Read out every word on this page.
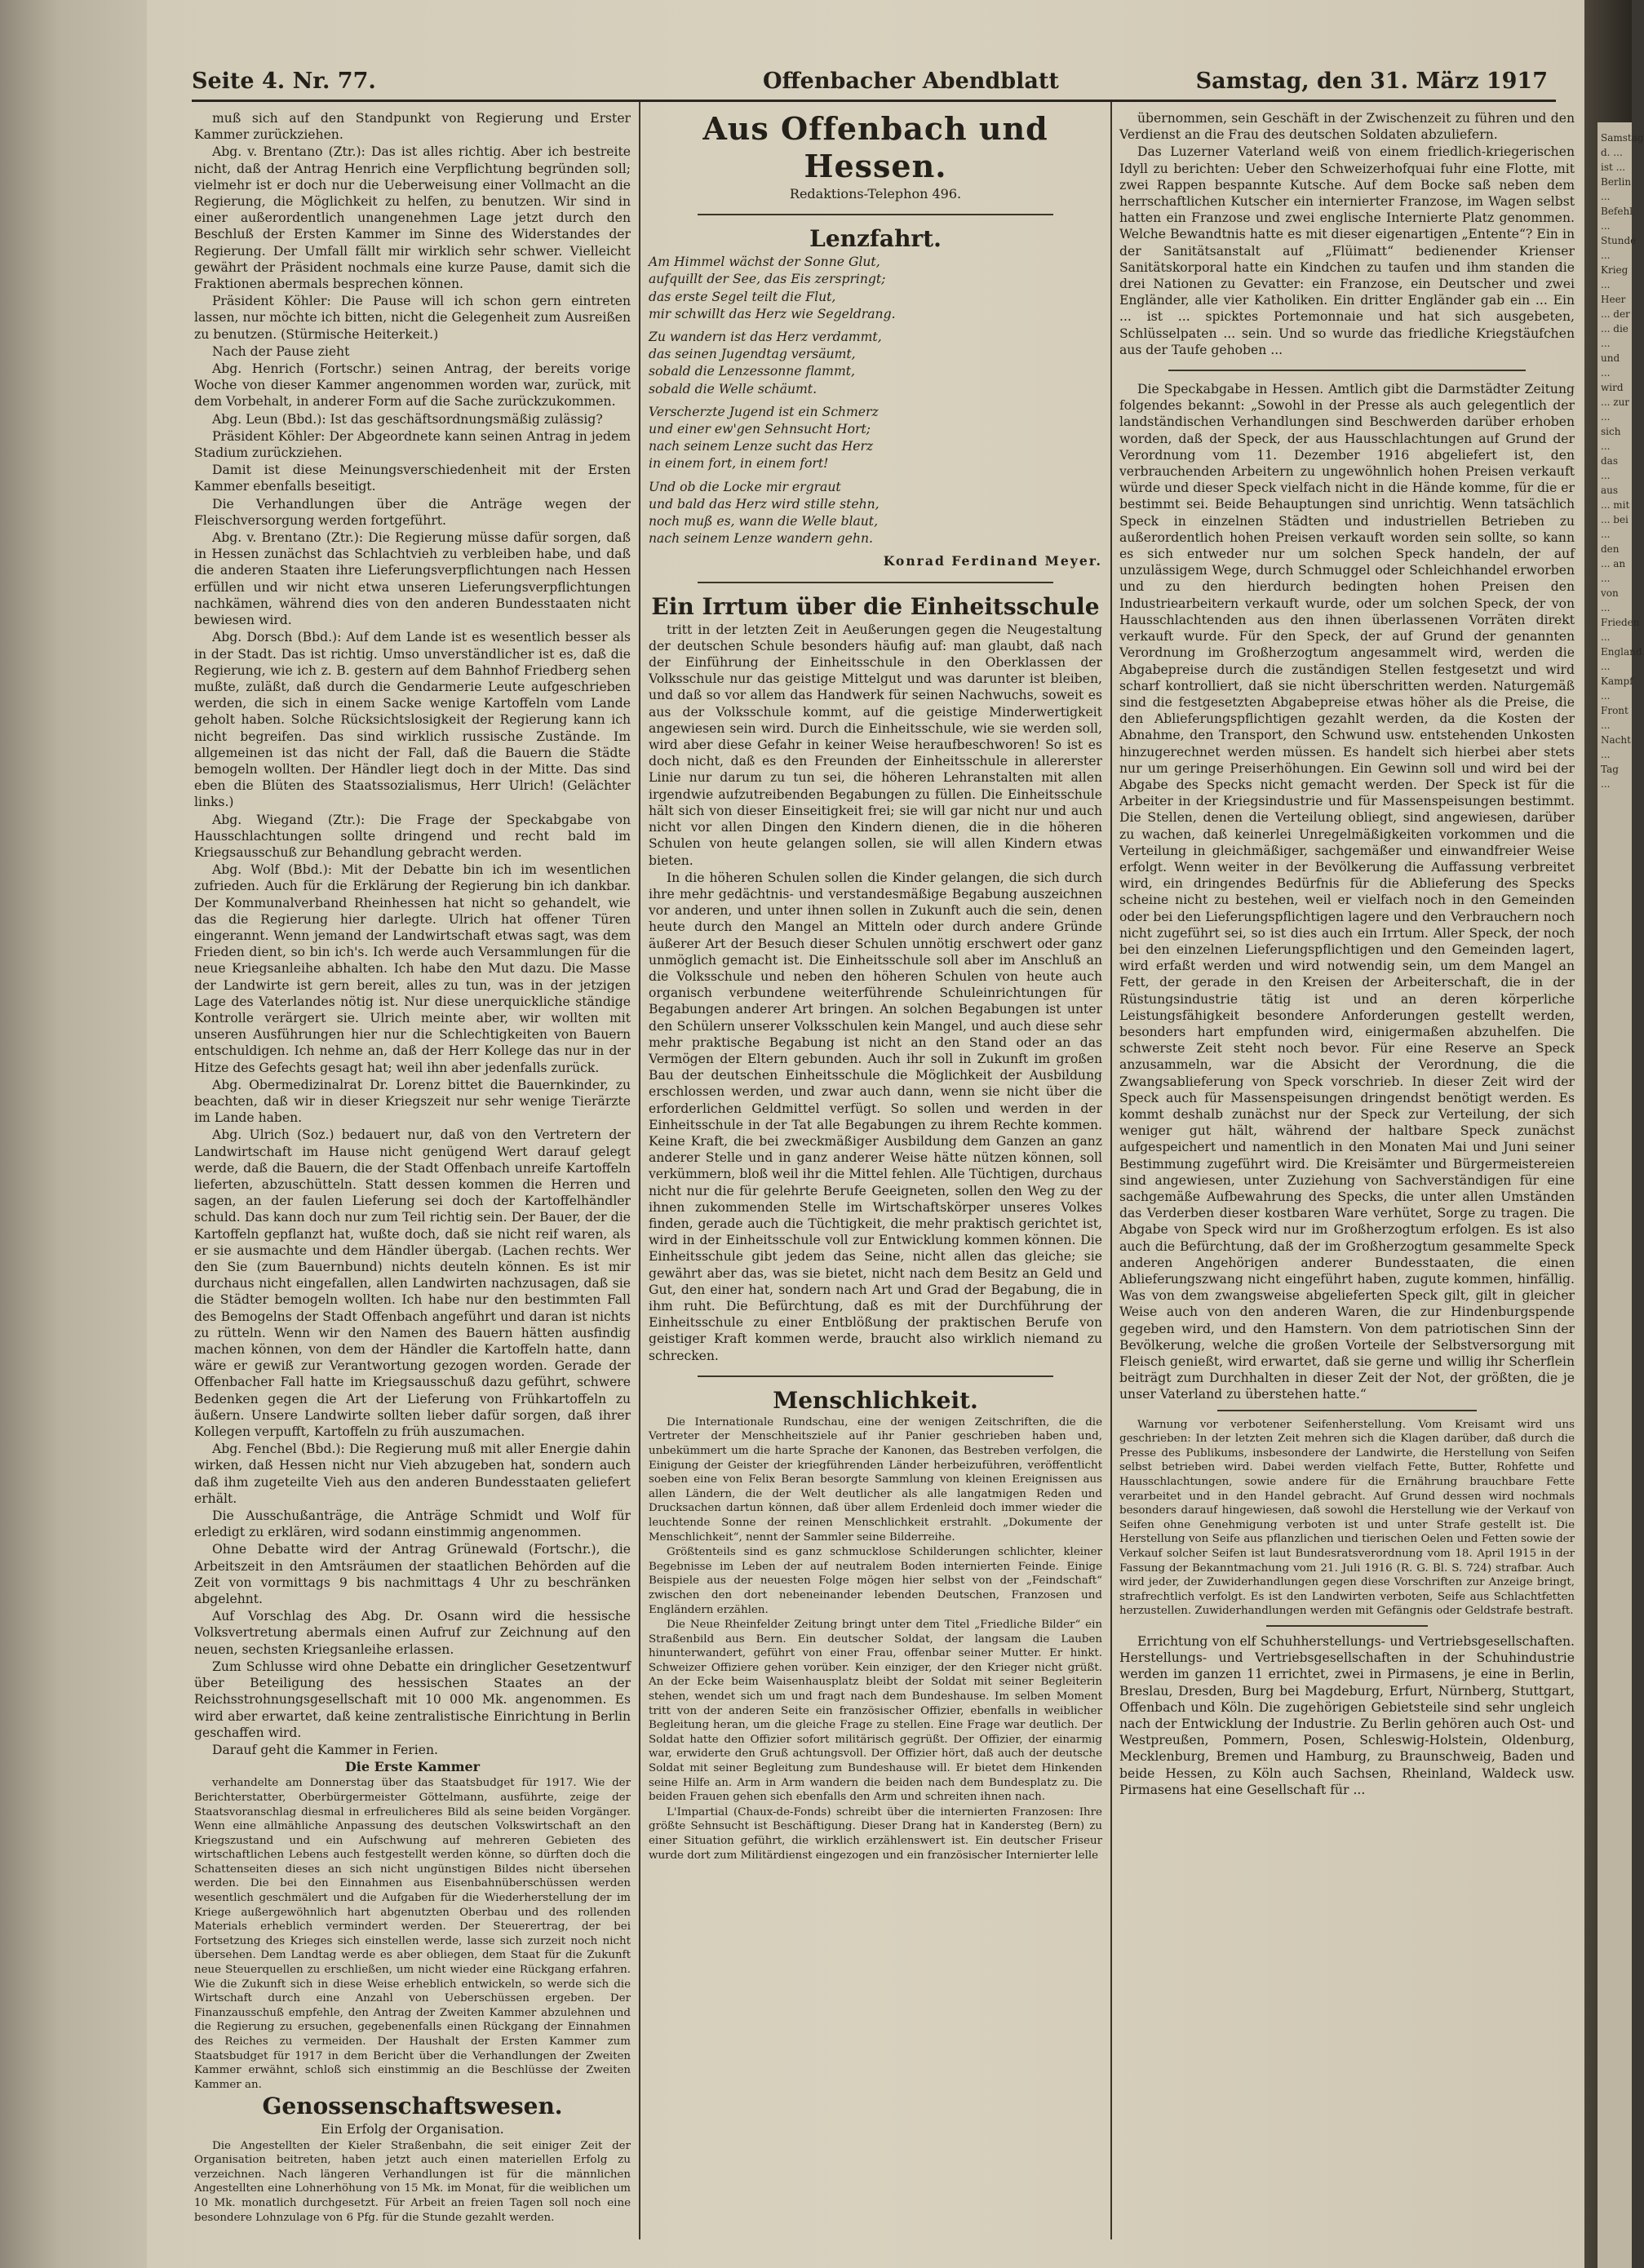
Samstag d. ... ist ... Berlin ... Befehl ... Stunde ... Krieg ... Heer ... der ... die ... und ... wird ... zur ... sich ... das ... aus ... mit ... bei ... den ... an ... von ... Frieden ... England ... Kampf ... Front ... Nacht ... Tag ...
Seite 4. Nr. 77.	Offenbacher Abendblatt	Samstag, den 31. März 1917

muß sich auf den Standpunkt von Regierung und Erster Kammer zurückziehen.

Abg. v. Brentano (Ztr.): Das ist alles richtig. Aber ich bestreite nicht, daß der Antrag Henrich eine Verpflichtung begründen soll; vielmehr ist er doch nur die Ueberweisung einer Vollmacht an die Regierung, die Möglichkeit zu helfen, zu benutzen. Wir sind in einer außerordentlich unangenehmen Lage jetzt durch den Beschluß der Ersten Kammer im Sinne des Widerstandes der Regierung. Der Umfall fällt mir wirklich sehr schwer. Vielleicht gewährt der Präsident nochmals eine kurze Pause, damit sich die Fraktionen abermals besprechen können.

Präsident Köhler: Die Pause will ich schon gern eintreten lassen, nur möchte ich bitten, nicht die Gelegenheit zum Ausreißen zu benutzen. (Stürmische Heiterkeit.)

Nach der Pause zieht

Abg. Henrich (Fortschr.) seinen Antrag, der bereits vorige Woche von dieser Kammer angenommen worden war, zurück, mit dem Vorbehalt, in anderer Form auf die Sache zurückzukommen.

Abg. Leun (Bbd.): Ist das geschäftsordnungsmäßig zulässig?

Präsident Köhler: Der Abgeordnete kann seinen Antrag in jedem Stadium zurückziehen.

Damit ist diese Meinungsverschiedenheit mit der Ersten Kammer ebenfalls beseitigt.

Die Verhandlungen über die Anträge wegen der Fleischversorgung werden fortgeführt.

Abg. v. Brentano (Ztr.): Die Regierung müsse dafür sorgen, daß in Hessen zunächst das Schlachtvieh zu verbleiben habe, und daß die anderen Staaten ihre Lieferungsverpflichtungen nach Hessen erfüllen und wir nicht etwa unseren Lieferungsverpflichtungen nachkämen, während dies von den anderen Bundesstaaten nicht bewiesen wird.

Abg. Dorsch (Bbd.): Auf dem Lande ist es wesentlich besser als in der Stadt. Das ist richtig. Umso unverständlicher ist es, daß die Regierung, wie ich z. B. gestern auf dem Bahnhof Friedberg sehen mußte, zuläßt, daß durch die Gendarmerie Leute aufgeschrieben werden, die sich in einem Sacke wenige Kartoffeln vom Lande geholt haben. Solche Rücksichtslosigkeit der Regierung kann ich nicht begreifen. Das sind wirklich russische Zustände. Im allgemeinen ist das nicht der Fall, daß die Bauern die Städte bemogeln wollten. Der Händler liegt doch in der Mitte. Das sind eben die Blüten des Staatssozialismus, Herr Ulrich! (Gelächter links.)

Abg. Wiegand (Ztr.): Die Frage der Speckabgabe von Hausschlachtungen sollte dringend und recht bald im Kriegsausschuß zur Behandlung gebracht werden.

Abg. Wolf (Bbd.): Mit der Debatte bin ich im wesentlichen zufrieden. Auch für die Erklärung der Regierung bin ich dankbar. Der Kommunalverband Rheinhessen hat nicht so gehandelt, wie das die Regierung hier darlegte. Ulrich hat offener Türen eingerannt. Wenn jemand der Landwirtschaft etwas sagt, was dem Frieden dient, so bin ich's. Ich werde auch Versammlungen für die neue Kriegsanleihe abhalten. Ich habe den Mut dazu. Die Masse der Landwirte ist gern bereit, alles zu tun, was in der jetzigen Lage des Vaterlandes nötig ist. Nur diese unerquickliche ständige Kontrolle verärgert sie. Ulrich meinte aber, wir wollten mit unseren Ausführungen hier nur die Schlechtigkeiten von Bauern entschuldigen. Ich nehme an, daß der Herr Kollege das nur in der Hitze des Gefechts gesagt hat; weil ihn aber jedenfalls zurück.

Abg. Obermedizinalrat Dr. Lorenz bittet die Bauernkinder, zu beachten, daß wir in dieser Kriegszeit nur sehr wenige Tierärzte im Lande haben.

Abg. Ulrich (Soz.) bedauert nur, daß von den Vertretern der Landwirtschaft im Hause nicht genügend Wert darauf gelegt werde, daß die Bauern, die der Stadt Offenbach unreife Kartoffeln lieferten, abzuschütteln. Statt dessen kommen die Herren und sagen, an der faulen Lieferung sei doch der Kartoffelhändler schuld. Das kann doch nur zum Teil richtig sein. Der Bauer, der die Kartoffeln gepflanzt hat, wußte doch, daß sie nicht reif waren, als er sie ausmachte und dem Händler übergab. (Lachen rechts. Wer den Sie (zum Bauernbund) nichts deuteln können. Es ist mir durchaus nicht eingefallen, allen Landwirten nachzusagen, daß sie die Städter bemogeln wollten. Ich habe nur den bestimmten Fall des Bemogelns der Stadt Offenbach angeführt und daran ist nichts zu rütteln. Wenn wir den Namen des Bauern hätten ausfindig machen können, von dem der Händler die Kartoffeln hatte, dann wäre er gewiß zur Verantwortung gezogen worden. Gerade der Offenbacher Fall hatte im Kriegsausschuß dazu geführt, schwere Bedenken gegen die Art der Lieferung von Frühkartoffeln zu äußern. Unsere Landwirte sollten lieber dafür sorgen, daß ihrer Kollegen verpufft, Kartoffeln zu früh auszumachen.

Abg. Fenchel (Bbd.): Die Regierung muß mit aller Energie dahin wirken, daß Hessen nicht nur Vieh abzugeben hat, sondern auch daß ihm zugeteilte Vieh aus den anderen Bundesstaaten geliefert erhält.

Die Ausschußanträge, die Anträge Schmidt und Wolf für erledigt zu erklären, wird sodann einstimmig angenommen.

Ohne Debatte wird der Antrag Grünewald (Fortschr.), die Arbeitszeit in den Amtsräumen der staatlichen Behörden auf die Zeit von vormittags 9 bis nachmittags 4 Uhr zu beschränken abgelehnt.

Auf Vorschlag des Abg. Dr. Osann wird die hessische Volksvertretung abermals einen Aufruf zur Zeichnung auf den neuen, sechsten Kriegsanleihe erlassen.

Zum Schlusse wird ohne Debatte ein dringlicher Gesetzentwurf über Beteiligung des hessischen Staates an der Reichsstrohnungsgesellschaft mit 10 000 Mk. angenommen. Es wird aber erwartet, daß keine zentralistische Einrichtung in Berlin geschaffen wird.

Darauf geht die Kammer in Ferien.

Die Erste Kammer

verhandelte am Donnerstag über das Staatsbudget für 1917. Wie der Berichterstatter, Oberbürgermeister Göttelmann, ausführte, zeige der Staatsvoranschlag diesmal in erfreulicheres Bild als seine beiden Vorgänger. Wenn eine allmähliche Anpassung des deutschen Volkswirtschaft an den Kriegszustand und ein Aufschwung auf mehreren Gebieten des wirtschaftlichen Lebens auch festgestellt werden könne, so dürften doch die Schattenseiten dieses an sich nicht ungünstigen Bildes nicht übersehen werden. Die bei den Einnahmen aus Eisenbahnüberschüssen werden wesentlich geschmälert und die Aufgaben für die Wiederherstellung der im Kriege außergewöhnlich hart abgenutzten Oberbau und des rollenden Materials erheblich vermindert werden. Der Steuerertrag, der bei Fortsetzung des Krieges sich einstellen werde, lasse sich zurzeit noch nicht übersehen. Dem Landtag werde es aber obliegen, dem Staat für die Zukunft neue Steuerquellen zu erschließen, um nicht wieder eine Rückgang erfahren. Wie die Zukunft sich in diese Weise erheblich entwickeln, so werde sich die Wirtschaft durch eine Anzahl von Ueberschüssen ergeben. Der Finanzausschuß empfehle, den Antrag der Zweiten Kammer abzulehnen und die Regierung zu ersuchen, gegebenenfalls einen Rückgang der Einnahmen des Reiches zu vermeiden. Der Haushalt der Ersten Kammer zum Staatsbudget für 1917 in dem Bericht über die Verhandlungen der Zweiten Kammer erwähnt, schloß sich einstimmig an die Beschlüsse der Zweiten Kammer an.

Genossenschaftswesen.

Ein Erfolg der Organisation.

Die Angestellten der Kieler Straßenbahn, die seit einiger Zeit der Organisation beitreten, haben jetzt auch einen materiellen Erfolg zu verzeichnen. Nach längeren Verhandlungen ist für die männlichen Angestellten eine Lohnerhöhung von 15 Mk. im Monat, für die weiblichen um 10 Mk. monatlich durchgesetzt. Für Arbeit an freien Tagen soll noch eine besondere Lohnzulage von 6 Pfg. für die Stunde gezahlt werden.

Aus Offenbach und Hessen.

Redaktions-Telephon 496.

Lenzfahrt.

Am Himmel wächst der Sonne Glut,

aufquillt der See, das Eis zerspringt;

das erste Segel teilt die Flut,

mir schwillt das Herz wie Segeldrang.

Zu wandern ist das Herz verdammt,

das seinen Jugendtag versäumt,

sobald die Lenzessonne flammt,

sobald die Welle schäumt.

Verscherzte Jugend ist ein Schmerz

und einer ew'gen Sehnsucht Hort;

nach seinem Lenze sucht das Herz

in einem fort, in einem fort!

Und ob die Locke mir ergraut

und bald das Herz wird stille stehn,

noch muß es, wann die Welle blaut,

nach seinem Lenze wandern gehn.

Konrad Ferdinand Meyer.

Ein Irrtum über die Einheitsschule

tritt in der letzten Zeit in Aeußerungen gegen die Neugestaltung der deutschen Schule besonders häufig auf: man glaubt, daß nach der Einführung der Einheitsschule in den Oberklassen der Volksschule nur das geistige Mittelgut und was darunter ist bleiben, und daß so vor allem das Handwerk für seinen Nachwuchs, soweit es aus der Volksschule kommt, auf die geistige Minderwertigkeit angewiesen sein wird. Durch die Einheitsschule, wie sie werden soll, wird aber diese Gefahr in keiner Weise heraufbeschworen! So ist es doch nicht, daß es den Freunden der Einheitsschule in allererster Linie nur darum zu tun sei, die höheren Lehranstalten mit allen irgendwie aufzutreibenden Begabungen zu füllen. Die Einheitsschule hält sich von dieser Einseitigkeit frei; sie will gar nicht nur und auch nicht vor allen Dingen den Kindern dienen, die in die höheren Schulen von heute gelangen sollen, sie will allen Kindern etwas bieten.

In die höheren Schulen sollen die Kinder gelangen, die sich durch ihre mehr gedächtnis- und verstandesmäßige Begabung auszeichnen vor anderen, und unter ihnen sollen in Zukunft auch die sein, denen heute durch den Mangel an Mitteln oder durch andere Gründe äußerer Art der Besuch dieser Schulen unnötig erschwert oder ganz unmöglich gemacht ist. Die Einheitsschule soll aber im Anschluß an die Volksschule und neben den höheren Schulen von heute auch organisch verbundene weiterführende Schuleinrichtungen für Begabungen anderer Art bringen. An solchen Begabungen ist unter den Schülern unserer Volksschulen kein Mangel, und auch diese sehr mehr praktische Begabung ist nicht an den Stand oder an das Vermögen der Eltern gebunden. Auch ihr soll in Zukunft im großen Bau der deutschen Einheitsschule die Möglichkeit der Ausbildung erschlossen werden, und zwar auch dann, wenn sie nicht über die erforderlichen Geldmittel verfügt. So sollen und werden in der Einheitsschule in der Tat alle Begabungen zu ihrem Rechte kommen. Keine Kraft, die bei zweckmäßiger Ausbildung dem Ganzen an ganz anderer Stelle und in ganz anderer Weise hätte nützen können, soll verkümmern, bloß weil ihr die Mittel fehlen. Alle Tüchtigen, durchaus nicht nur die für gelehrte Berufe Geeigneten, sollen den Weg zu der ihnen zukommenden Stelle im Wirtschaftskörper unseres Volkes finden, gerade auch die Tüchtigkeit, die mehr praktisch gerichtet ist, wird in der Einheitsschule voll zur Entwicklung kommen können. Die Einheitsschule gibt jedem das Seine, nicht allen das gleiche; sie gewährt aber das, was sie bietet, nicht nach dem Besitz an Geld und Gut, den einer hat, sondern nach Art und Grad der Begabung, die in ihm ruht. Die Befürchtung, daß es mit der Durchführung der Einheitsschule zu einer Entblößung der praktischen Berufe von geistiger Kraft kommen werde, braucht also wirklich niemand zu schrecken.

Menschlichkeit.

Die Internationale Rundschau, eine der wenigen Zeitschriften, die die Vertreter der Menschheitsziele auf ihr Panier geschrieben haben und, unbekümmert um die harte Sprache der Kanonen, das Bestreben verfolgen, die Einigung der Geister der kriegführenden Länder herbeizuführen, veröffentlicht soeben eine von Felix Beran besorgte Sammlung von kleinen Ereignissen aus allen Ländern, die der Welt deutlicher als alle langatmigen Reden und Drucksachen dartun können, daß über allem Erdenleid doch immer wieder die leuchtende Sonne der reinen Menschlichkeit erstrahlt. „Dokumente der Menschlichkeit“, nennt der Sammler seine Bilderreihe.

Größtenteils sind es ganz schmucklose Schilderungen schlichter, kleiner Begebnisse im Leben der auf neutralem Boden internierten Feinde. Einige Beispiele aus der neuesten Folge mögen hier selbst von der „Feindschaft“ zwischen den dort nebeneinander lebenden Deutschen, Franzosen und Engländern erzählen.

Die Neue Rheinfelder Zeitung bringt unter dem Titel „Friedliche Bilder“ ein Straßenbild aus Bern. Ein deutscher Soldat, der langsam die Lauben hinunterwandert, geführt von einer Frau, offenbar seiner Mutter. Er hinkt. Schweizer Offiziere gehen vorüber. Kein einziger, der den Krieger nicht grüßt. An der Ecke beim Waisenhausplatz bleibt der Soldat mit seiner Begleiterin stehen, wendet sich um und fragt nach dem Bundeshause. Im selben Moment tritt von der anderen Seite ein französischer Offizier, ebenfalls in weiblicher Begleitung heran, um die gleiche Frage zu stellen. Eine Frage war deutlich. Der Soldat hatte den Offizier sofort militärisch gegrüßt. Der Offizier, der einarmig war, erwiderte den Gruß achtungsvoll. Der Offizier hört, daß auch der deutsche Soldat mit seiner Begleitung zum Bundeshause will. Er bietet dem Hinkenden seine Hilfe an. Arm in Arm wandern die beiden nach dem Bundesplatz zu. Die beiden Frauen gehen sich ebenfalls den Arm und schreiten ihnen nach.

L'Impartial (Chaux-de-Fonds) schreibt über die internierten Franzosen: Ihre größte Sehnsucht ist Beschäftigung. Dieser Drang hat in Kandersteg (Bern) zu einer Situation geführt, die wirklich erzählenswert ist. Ein deutscher Friseur wurde dort zum Militärdienst eingezogen und ein französischer Internierter lelle

übernommen, sein Geschäft in der Zwischenzeit zu führen und den Verdienst an die Frau des deutschen Soldaten abzuliefern.

Das Luzerner Vaterland weiß von einem friedlich-kriegerischen Idyll zu berichten: Ueber den Schweizerhofquai fuhr eine Flotte, mit zwei Rappen bespannte Kutsche. Auf dem Bocke saß neben dem herrschaftlichen Kutscher ein internierter Franzose, im Wagen selbst hatten ein Franzose und zwei englische Internierte Platz genommen. Welche Bewandtnis hatte es mit dieser eigenartigen „Entente“? Ein in der Sanitätsanstalt auf „Flüimatt“ bedienender Krienser Sanitätskorporal hatte ein Kindchen zu taufen und ihm standen die drei Nationen zu Gevatter: ein Franzose, ein Deutscher und zwei Engländer, alle vier Katholiken. Ein dritter Engländer gab ein ... Ein ... ist ... spicktes Portemonnaie und hat sich ausgebeten, Schlüsselpaten ... sein. Und so wurde das friedliche Kriegstäufchen aus der Taufe gehoben ...

Die Speckabgabe in Hessen. Amtlich gibt die Darmstädter Zeitung folgendes bekannt: „Sowohl in der Presse als auch gelegentlich der landständischen Verhandlungen sind Beschwerden darüber erhoben worden, daß der Speck, der aus Hausschlachtungen auf Grund der Verordnung vom 11. Dezember 1916 abgeliefert ist, den verbrauchenden Arbeitern zu ungewöhnlich hohen Preisen verkauft würde und dieser Speck vielfach nicht in die Hände komme, für die er bestimmt sei. Beide Behauptungen sind unrichtig. Wenn tatsächlich Speck in einzelnen Städten und industriellen Betrieben zu außerordentlich hohen Preisen verkauft worden sein sollte, so kann es sich entweder nur um solchen Speck handeln, der auf unzulässigem Wege, durch Schmuggel oder Schleichhandel erworben und zu den hierdurch bedingten hohen Preisen den Industriearbeitern verkauft wurde, oder um solchen Speck, der von Hausschlachtenden aus den ihnen überlassenen Vorräten direkt verkauft wurde. Für den Speck, der auf Grund der genannten Verordnung im Großherzogtum angesammelt wird, werden die Abgabepreise durch die zuständigen Stellen festgesetzt und wird scharf kontrolliert, daß sie nicht überschritten werden. Naturgemäß sind die festgesetzten Abgabepreise etwas höher als die Preise, die den Ablieferungspflichtigen gezahlt werden, da die Kosten der Abnahme, den Transport, den Schwund usw. entstehenden Unkosten hinzugerechnet werden müssen. Es handelt sich hierbei aber stets nur um geringe Preiserhöhungen. Ein Gewinn soll und wird bei der Abgabe des Specks nicht gemacht werden. Der Speck ist für die Arbeiter in der Kriegsindustrie und für Massenspeisungen bestimmt. Die Stellen, denen die Verteilung obliegt, sind angewiesen, darüber zu wachen, daß keinerlei Unregelmäßigkeiten vorkommen und die Verteilung in gleichmäßiger, sachgemäßer und einwandfreier Weise erfolgt. Wenn weiter in der Bevölkerung die Auffassung verbreitet wird, ein dringendes Bedürfnis für die Ablieferung des Specks scheine nicht zu bestehen, weil er vielfach noch in den Gemeinden oder bei den Lieferungspflichtigen lagere und den Verbrauchern noch nicht zugeführt sei, so ist dies auch ein Irrtum. Aller Speck, der noch bei den einzelnen Lieferungspflichtigen und den Gemeinden lagert, wird erfaßt werden und wird notwendig sein, um dem Mangel an Fett, der gerade in den Kreisen der Arbeiterschaft, die in der Rüstungsindustrie tätig ist und an deren körperliche Leistungsfähigkeit besondere Anforderungen gestellt werden, besonders hart empfunden wird, einigermaßen abzuhelfen. Die schwerste Zeit steht noch bevor. Für eine Reserve an Speck anzusammeln, war die Absicht der Verordnung, die die Zwangsablieferung von Speck vorschrieb. In dieser Zeit wird der Speck auch für Massenspeisungen dringendst benötigt werden. Es kommt deshalb zunächst nur der Speck zur Verteilung, der sich weniger gut hält, während der haltbare Speck zunächst aufgespeichert und namentlich in den Monaten Mai und Juni seiner Bestimmung zugeführt wird. Die Kreisämter und Bürgermeistereien sind angewiesen, unter Zuziehung von Sachverständigen für eine sachgemäße Aufbewahrung des Specks, die unter allen Umständen das Verderben dieser kostbaren Ware verhütet, Sorge zu tragen. Die Abgabe von Speck wird nur im Großherzogtum erfolgen. Es ist also auch die Befürchtung, daß der im Großherzogtum gesammelte Speck anderen Angehörigen anderer Bundesstaaten, die einen Ablieferungszwang nicht eingeführt haben, zugute kommen, hinfällig. Was von dem zwangsweise abgelieferten Speck gilt, gilt in gleicher Weise auch von den anderen Waren, die zur Hindenburgspende gegeben wird, und den Hamstern. Von dem patriotischen Sinn der Bevölkerung, welche die großen Vorteile der Selbstversorgung mit Fleisch genießt, wird erwartet, daß sie gerne und willig ihr Scherflein beiträgt zum Durchhalten in dieser Zeit der Not, der größten, die je unser Vaterland zu überstehen hatte.“

Warnung vor verbotener Seifenherstellung. Vom Kreisamt wird uns geschrieben: In der letzten Zeit mehren sich die Klagen darüber, daß durch die Presse des Publikums, insbesondere der Landwirte, die Herstellung von Seifen selbst betrieben wird. Dabei werden vielfach Fette, Butter, Rohfette und Hausschlachtungen, sowie andere für die Ernährung brauchbare Fette verarbeitet und in den Handel gebracht. Auf Grund dessen wird nochmals besonders darauf hingewiesen, daß sowohl die Herstellung wie der Verkauf von Seifen ohne Genehmigung verboten ist und unter Strafe gestellt ist. Die Herstellung von Seife aus pflanzlichen und tierischen Oelen und Fetten sowie der Verkauf solcher Seifen ist laut Bundesratsverordnung vom 18. April 1915 in der Fassung der Bekanntmachung vom 21. Juli 1916 (R. G. Bl. S. 724) strafbar. Auch wird jeder, der Zuwiderhandlungen gegen diese Vorschriften zur Anzeige bringt, strafrechtlich verfolgt. Es ist den Landwirten verboten, Seife aus Schlachtfetten herzustellen. Zuwiderhandlungen werden mit Gefängnis oder Geldstrafe bestraft.

Errichtung von elf Schuhherstellungs- und Vertriebsgesellschaften. Herstellungs- und Vertriebsgesellschaften in der Schuhindustrie werden im ganzen 11 errichtet, zwei in Pirmasens, je eine in Berlin, Breslau, Dresden, Burg bei Magdeburg, Erfurt, Nürnberg, Stuttgart, Offenbach und Köln. Die zugehörigen Gebietsteile sind sehr ungleich nach der Entwicklung der Industrie. Zu Berlin gehören auch Ost- und Westpreußen, Pommern, Posen, Schleswig-Holstein, Oldenburg, Mecklenburg, Bremen und Hamburg, zu Braunschweig, Baden und beide Hessen, zu Köln auch Sachsen, Rheinland, Waldeck usw. Pirmasens hat eine Gesellschaft für ...
